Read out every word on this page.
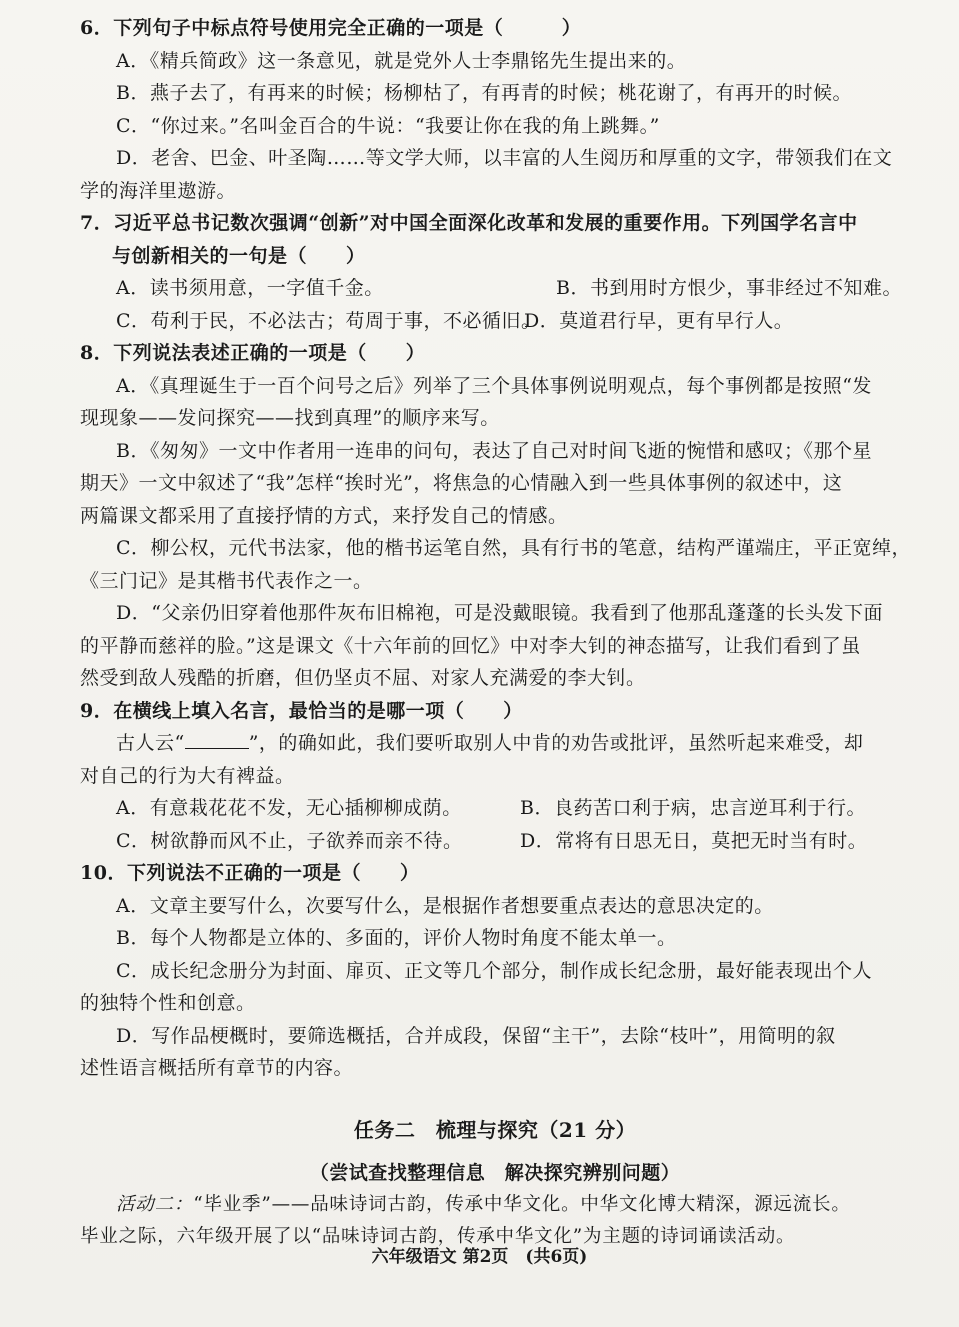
6．下列句子中标点符号使用完全正确的一项是（　　　）
A．《精兵简政》这一条意见，就是党外人士李鼎铭先生提出来的。
B．燕子去了，有再来的时候；杨柳枯了，有再青的时候；桃花谢了，有再开的时候。
C．“你过来。”名叫金百合的牛说：“我要让你在我的角上跳舞。”
D．老舍、巴金、叶圣陶……等文学大师，以丰富的人生阅历和厚重的文字，带领我们在文
学的海洋里遨游。
7．习近平总书记数次强调“创新”对中国全面深化改革和发展的重要作用。下列国学名言中
与创新相关的一句是（　　）
A．读书须用意，一字值千金。	B．书到用时方恨少，事非经过不知难。
C．苟利于民，不必法古；苟周于事，不必循旧。
D．莫道君行早，更有早行人。
8．下列说法表述正确的一项是（　　）
A．《真理诞生于一百个问号之后》列举了三个具体事例说明观点，每个事例都是按照“发
现现象——发问探究——找到真理”的顺序来写。
B．《匆匆》一文中作者用一连串的问句，表达了自己对时间飞逝的惋惜和感叹；《那个星
期天》一文中叙述了“我”怎样“挨时光”，将焦急的心情融入到一些具体事例的叙述中，这
两篇课文都采用了直接抒情的方式，来抒发自己的情感。
C．柳公权，元代书法家，他的楷书运笔自然，具有行书的笔意，结构严谨端庄，平正宽绰，
《三门记》是其楷书代表作之一。
D．“父亲仍旧穿着他那件灰布旧棉袍，可是没戴眼镜。我看到了他那乱蓬蓬的长头发下面
的平静而慈祥的脸。”这是课文《十六年前的回忆》中对李大钊的神态描写，让我们看到了虽
然受到敌人残酷的折磨，但仍坚贞不屈、对家人充满爱的李大钊。
9．在横线上填入名言，最恰当的是哪一项（　　）
古人云“	”，的确如此，我们要听取别人中肯的劝告或批评，虽然听起来难受，却
对自己的行为大有裨益。
A．有意栽花花不发，无心插柳柳成荫。	B．良药苦口利于病，忠言逆耳利于行。
C．树欲静而风不止，子欲养而亲不待。	D．常将有日思无日，莫把无时当有时。
10．下列说法不正确的一项是（　　）
A．文章主要写什么，次要写什么，是根据作者想要重点表达的意思决定的。
B．每个人物都是立体的、多面的，评价人物时角度不能太单一。
C．成长纪念册分为封面、扉页、正文等几个部分，制作成长纪念册，最好能表现出个人
的独特个性和创意。
D．写作品梗概时，要筛选概括，合并成段，保留“主干”，去除“枝叶”，用简明的叙
述性语言概括所有章节的内容。
任务二　梳理与探究（21 分）
（尝试查找整理信息　解决探究辨别问题）
活动二：“毕业季”——品味诗词古韵，传承中华文化。中华文化博大精深，源远流长。
毕业之际，六年级开展了以“品味诗词古韵，传承中华文化”为主题的诗词诵读活动。
六年级语文 第2页　(共6页)
